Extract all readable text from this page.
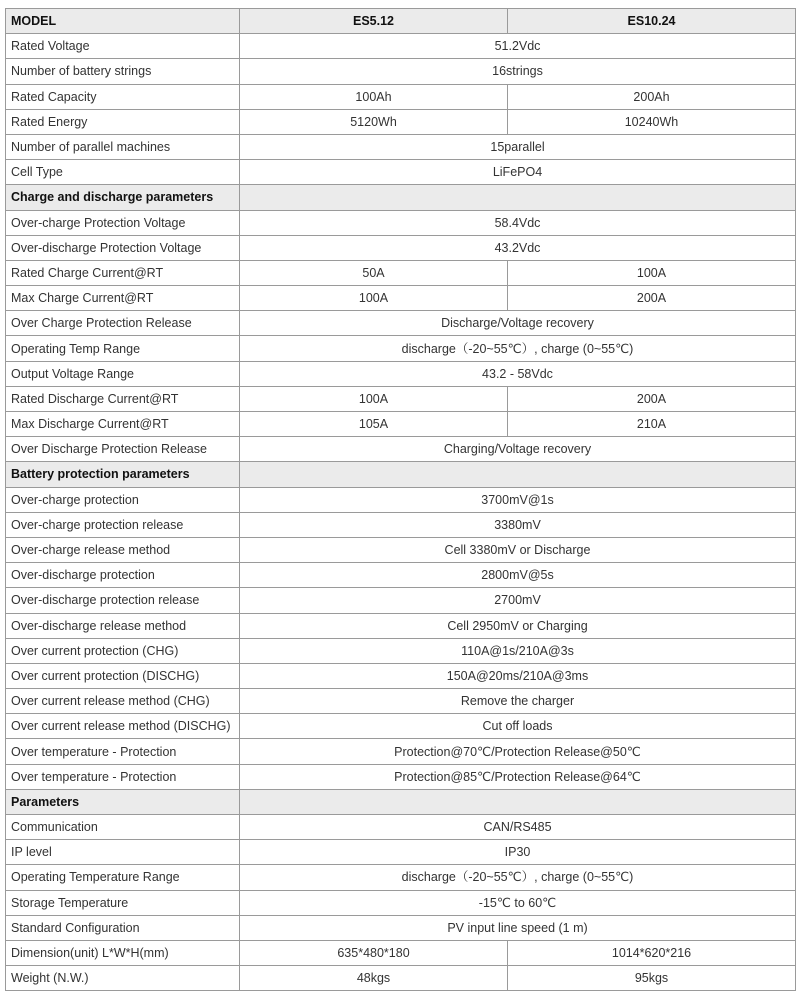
MODEL	ES5.12	ES10.24
Rated Voltage	51.2Vdc	
Number of battery strings	16strings	
Rated Capacity	100Ah	200Ah
Rated Energy	5120Wh	10240Wh
Number of parallel machines	15parallel	
Cell Type	LiFePO4	
Charge and discharge parameters		
Over-charge Protection Voltage	58.4Vdc	
Over-discharge Protection Voltage	43.2Vdc	
Rated Charge Current@RT	50A	100A
Max Charge Current@RT	100A	200A
Over Charge Protection Release	Discharge/Voltage recovery	
Operating Temp Range	discharge（-20~55℃）, charge (0~55℃)	
Output Voltage Range	43.2 - 58Vdc	
Rated Discharge Current@RT	100A	200A
Max Discharge Current@RT	105A	210A
Over Discharge Protection Release	Charging/Voltage recovery	
Battery protection parameters		
Over-charge protection	3700mV@1s	
Over-charge protection release	3380mV	
Over-charge release method	Cell 3380mV or Discharge	
Over-discharge protection	2800mV@5s	
Over-discharge protection release	2700mV	
Over-discharge release method	Cell 2950mV or Charging	
Over current protection (CHG)	110A@1s/210A@3s	
Over current protection (DISCHG)	150A@20ms/210A@3ms	
Over current release method (CHG)	Remove the charger	
Over current release method (DISCHG)	Cut off loads	
Over temperature - Protection	Protection@70℃/Protection Release@50℃	
Over temperature - Protection	Protection@85℃/Protection Release@64℃	
Parameters		
Communication	CAN/RS485	
IP level	IP30	
Operating Temperature Range	discharge（-20~55℃）, charge (0~55℃)	
Storage Temperature	-15℃ to 60℃	
Standard Configuration	PV input line speed (1 m)	
Dimension(unit) L*W*H(mm)	635*480*180	1014*620*216
Weight (N.W.)	48kgs	95kgs
